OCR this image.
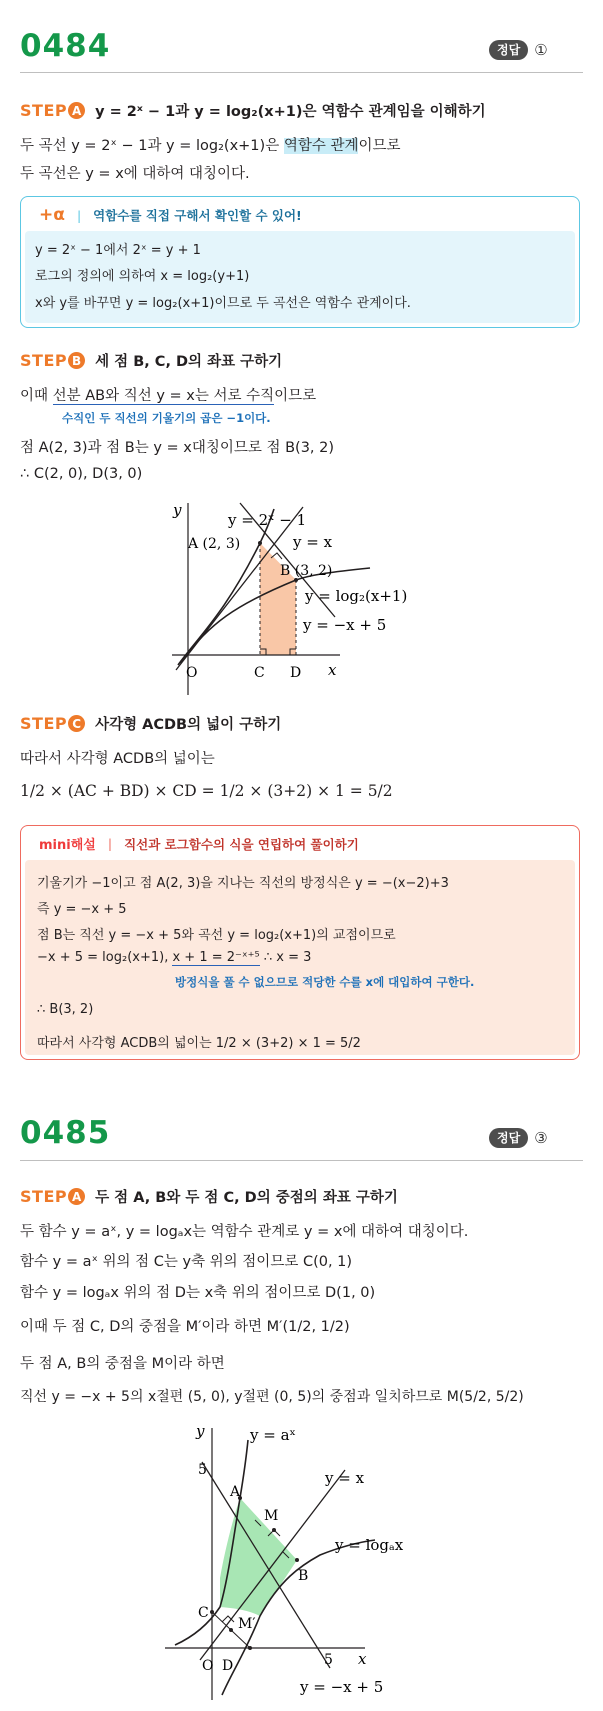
0484	정답 ①
STEP A y = 2ˣ − 1과 y = log₂(x+1)은 역함수 관계임을 이해하기
두 곡선 y = 2ˣ − 1과 y = log₂(x+1)은 역함수 관계이므로
두 곡선은 y = x에 대하여 대칭이다.
+α | 역함수를 직접 구해서 확인할 수 있어!
y = 2ˣ − 1에서 2ˣ = y + 1
로그의 정의에 의하여 x = log₂(y+1)
x와 y를 바꾸면 y = log₂(x+1)이므로 두 곡선은 역함수 관계이다.
STEP B 세 점 B, C, D의 좌표 구하기
이때 선분 AB와 직선 y = x는 서로 수직이므로
수직인 두 직선의 기울기의 곱은 −1이다.
점 A(2, 3)과 점 B는 y = x대칭이므로 점 B(3, 2)
∴ C(2, 0), D(3, 0)
y
x
O
y = 2ˣ − 1
y = x
y = log₂(x+1)
y = −x + 5
A (2, 3)
B (3, 2)
C D
STEP C 사각형 ACDB의 넓이 구하기
따라서 사각형 ACDB의 넓이는
1/2 × (AC + BD) × CD = 1/2 × (3+2) × 1 = 5/2
mini해설 | 직선과 로그함수의 식을 연립하여 풀이하기
기울기가 −1이고 점 A(2, 3)을 지나는 직선의 방정식은 y = −(x−2)+3
즉 y = −x + 5
점 B는 직선 y = −x + 5와 곡선 y = log₂(x+1)의 교점이므로
−x + 5 = log₂(x+1), x + 1 = 2⁻ˣ⁺⁵ ∴ x = 3
방정식을 풀 수 없으므로 적당한 수를 x에 대입하여 구한다.
∴ B(3, 2)
따라서 사각형 ACDB의 넓이는 1/2 × (3+2) × 1 = 5/2
0485	정답 ③
STEP A 두 점 A, B와 두 점 C, D의 중점의 좌표 구하기
두 함수 y = aˣ, y = logₐx는 역함수 관계로 y = x에 대하여 대칭이다.
함수 y = aˣ 위의 점 C는 y축 위의 점이므로 C(0, 1)
함수 y = logₐx 위의 점 D는 x축 위의 점이므로 D(1, 0)
이때 두 점 C, D의 중점을 M′이라 하면 M′(1/2, 1/2)
두 점 A, B의 중점을 M이라 하면
직선 y = −x + 5의 x절편 (5, 0), y절편 (0, 5)의 중점과 일치하므로 M(5/2, 5/2)
y
x
O
y = aˣ
y = x
y = logₐx
y = −x + 5
5
5
A
B
C
D
M
M′
